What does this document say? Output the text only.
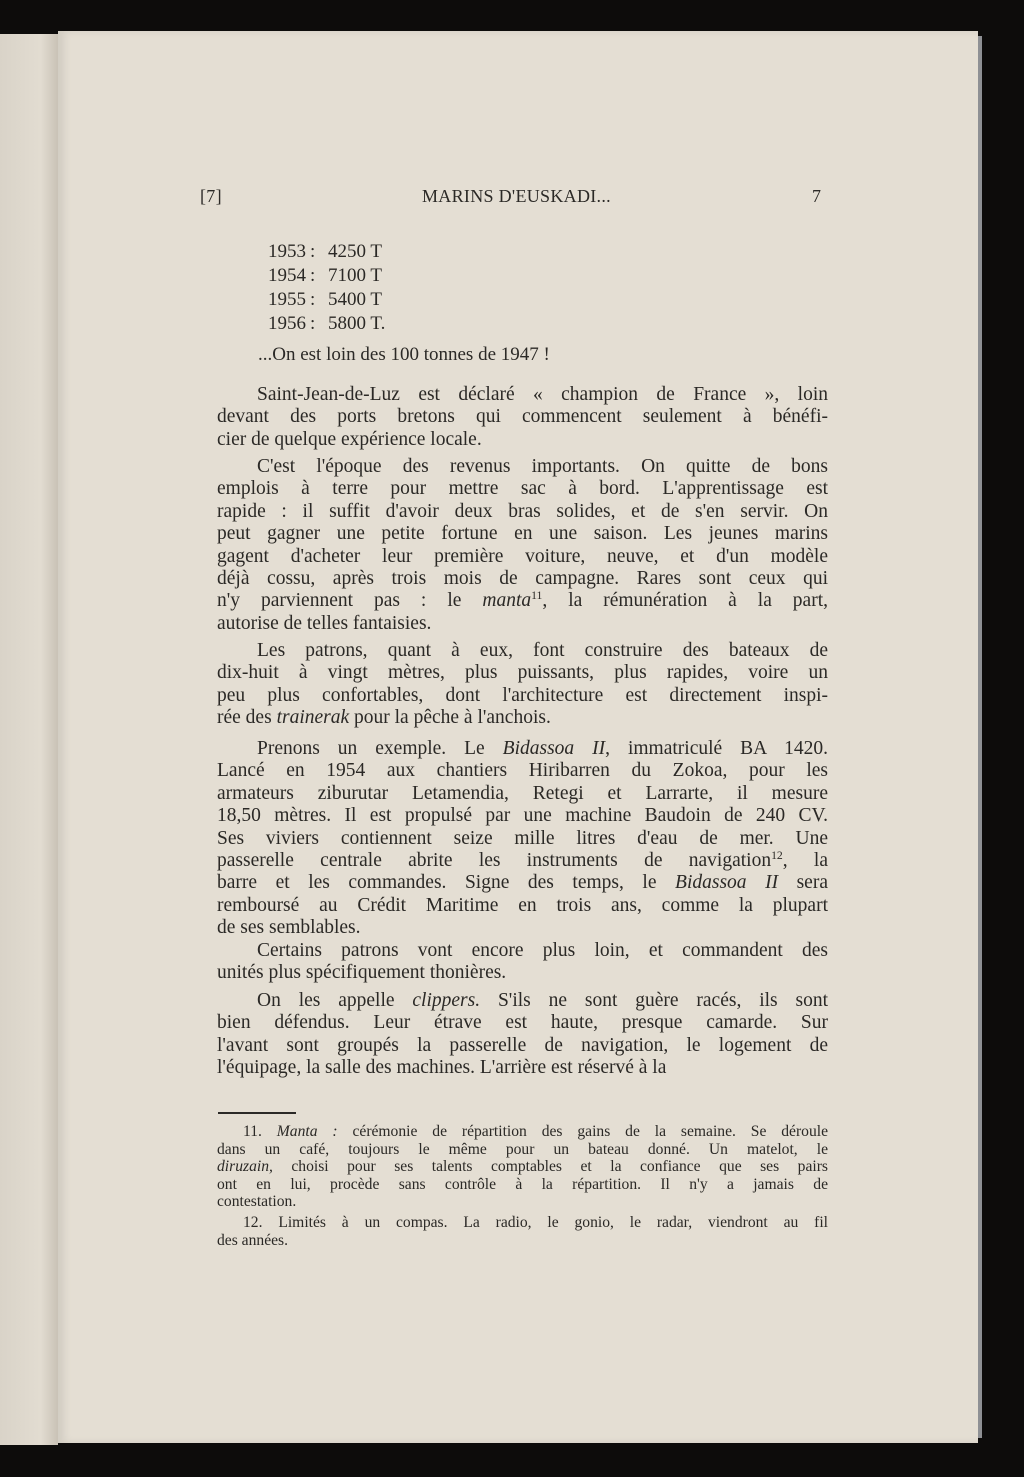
[7]	MARINS D'EUSKADI...	7
1953 : 4250 T
1954 : 7100 T
1955 : 5400 T
1956 : 5800 T.
...On est loin des 100 tonnes de 1947 !
Saint-Jean-de-Luz est déclaré « champion de France », loin
devant des ports bretons qui commencent seulement à bénéfi-
cier de quelque expérience locale.
C'est l'époque des revenus importants. On quitte de bons
emplois à terre pour mettre sac à bord. L'apprentissage est
rapide : il suffit d'avoir deux bras solides, et de s'en servir. On
peut gagner une petite fortune en une saison. Les jeunes marins
gagent d'acheter leur première voiture, neuve, et d'un modèle
déjà cossu, après trois mois de campagne. Rares sont ceux qui
n'y parviennent pas : le manta$^{11}$, la rémunération à la part,
autorise de telles fantaisies.
Les patrons, quant à eux, font construire des bateaux de
dix-huit à vingt mètres, plus puissants, plus rapides, voire un
peu plus confortables, dont l'architecture est directement inspi-
rée des trainerak pour la pêche à l'anchois.
Prenons un exemple. Le Bidassoa II, immatriculé BA 1420.
Lancé en 1954 aux chantiers Hiribarren du Zokoa, pour les
armateurs ziburutar Letamendia, Retegi et Larrarte, il mesure
18,50 mètres. Il est propulsé par une machine Baudoin de 240 CV.
Ses viviers contiennent seize mille litres d'eau de mer. Une
passerelle centrale abrite les instruments de navigation$^{12}$, la
barre et les commandes. Signe des temps, le Bidassoa II sera
remboursé au Crédit Maritime en trois ans, comme la plupart
de ses semblables.
Certains patrons vont encore plus loin, et commandent des
unités plus spécifiquement thonières.
On les appelle clippers. S'ils ne sont guère racés, ils sont
bien défendus. Leur étrave est haute, presque camarde. Sur
l'avant sont groupés la passerelle de navigation, le logement de
l'équipage, la salle des machines. L'arrière est réservé à la
11. Manta : cérémonie de répartition des gains de la semaine. Se déroule
dans un café, toujours le même pour un bateau donné. Un matelot, le
diruzain, choisi pour ses talents comptables et la confiance que ses pairs
ont en lui, procède sans contrôle à la répartition. Il n'y a jamais de
contestation.
12. Limités à un compas. La radio, le gonio, le radar, viendront au fil
des années.
